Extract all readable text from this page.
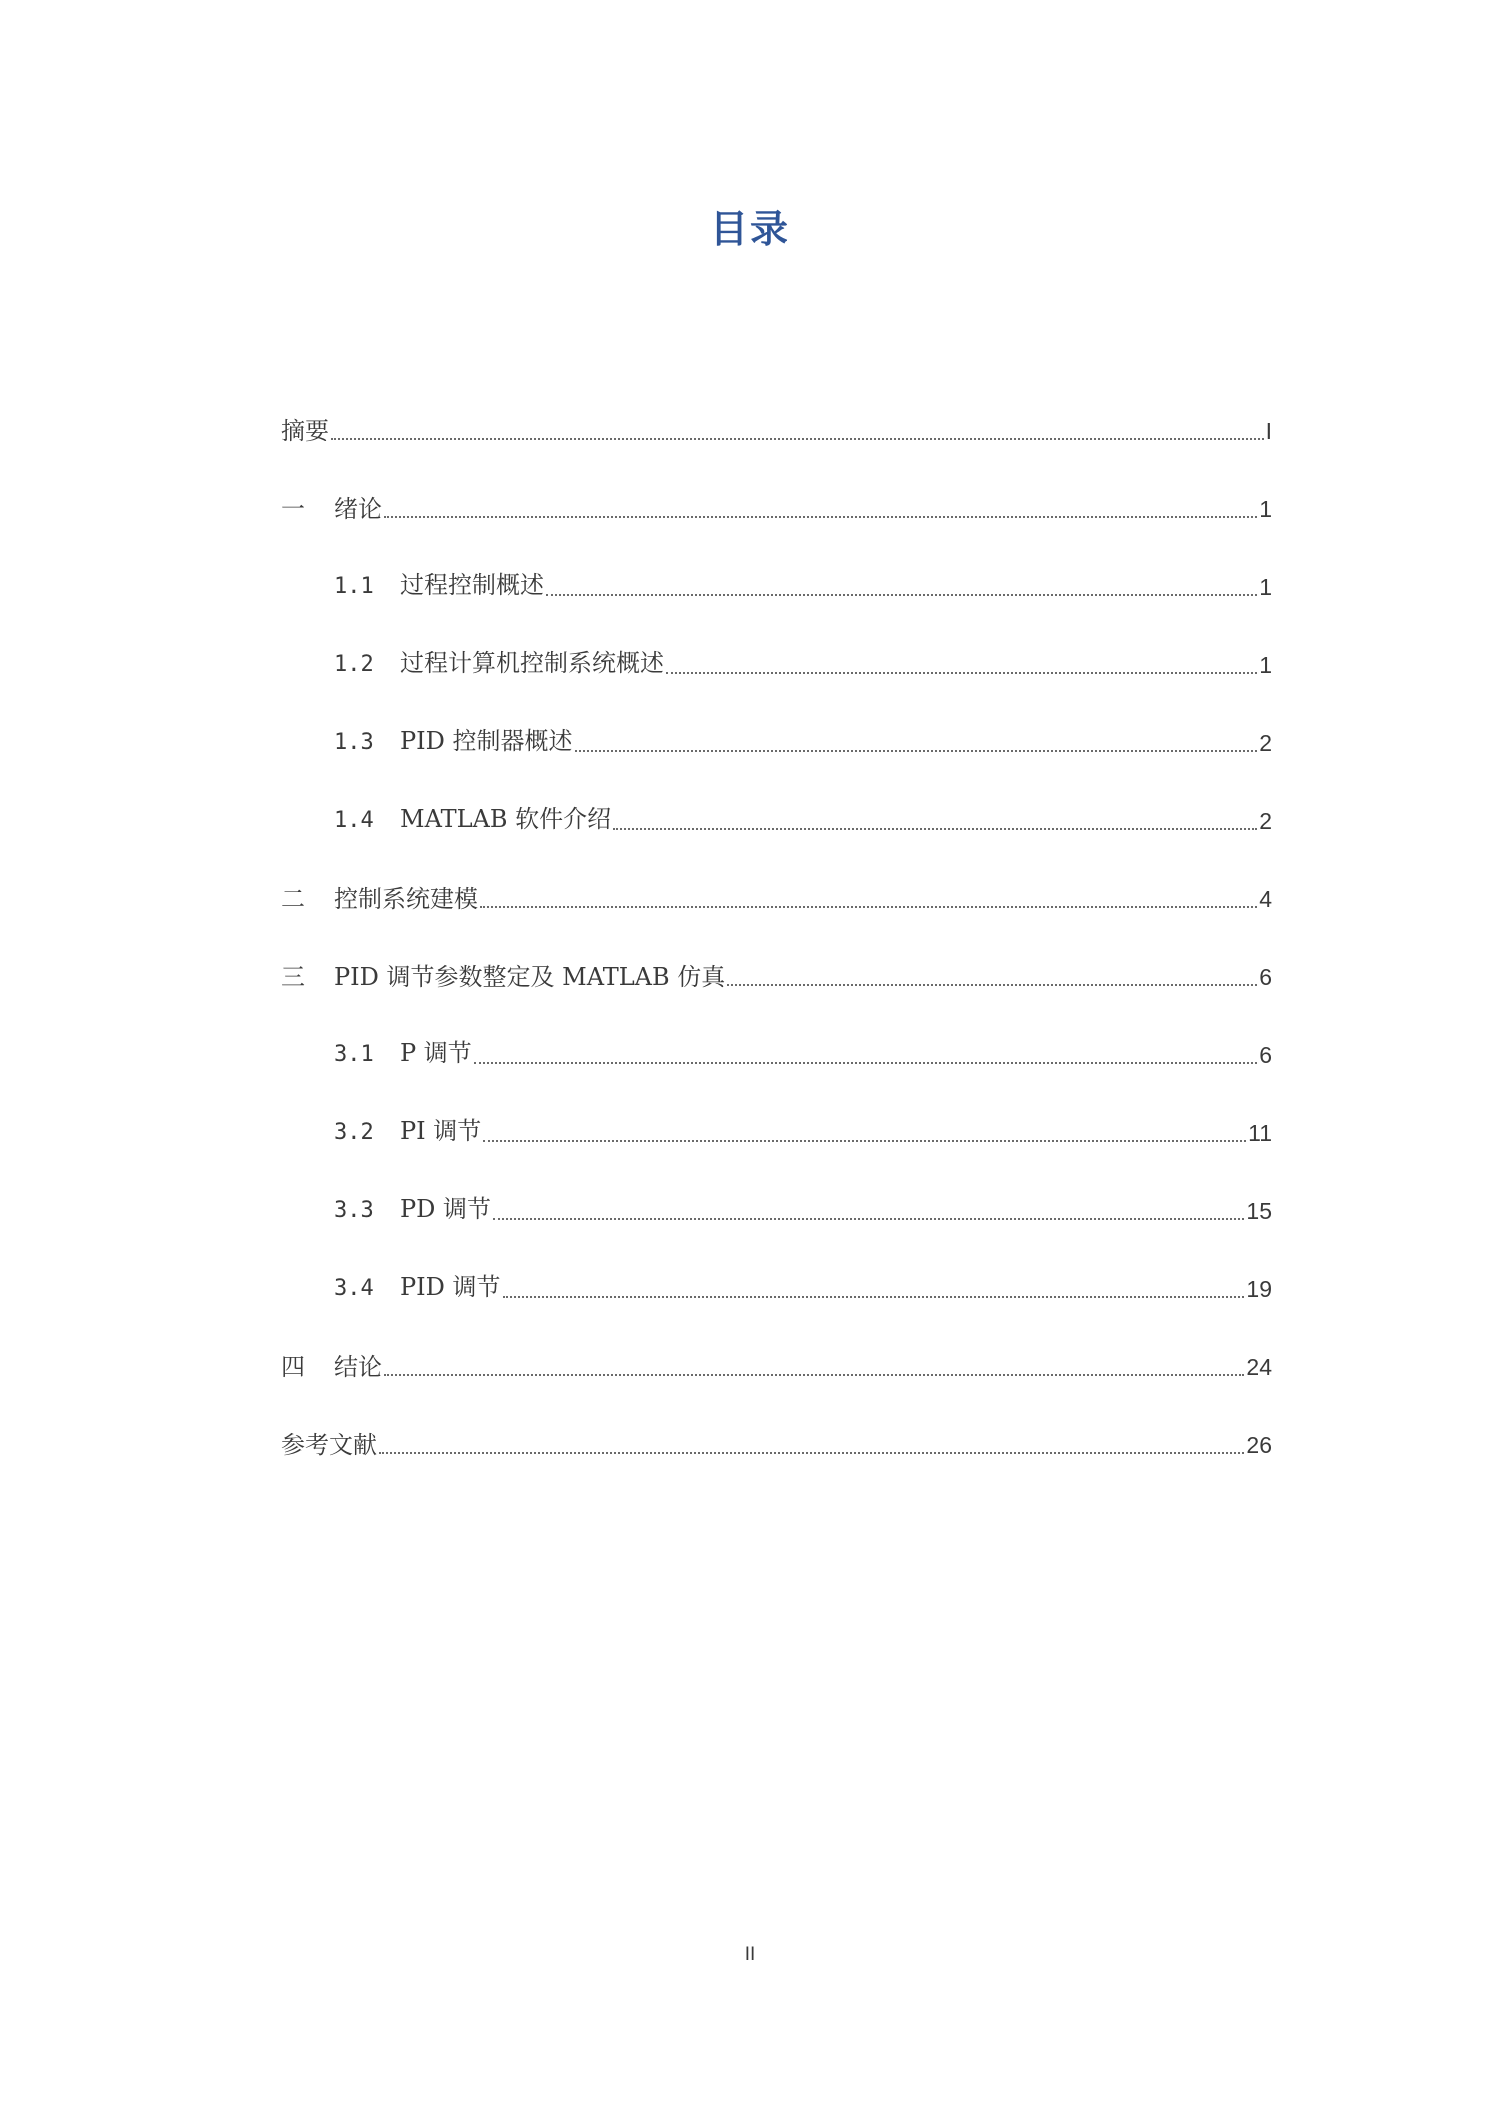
目录
摘要	I
一	绪论	1
1.1	过程控制概述	1
1.2	过程计算机控制系统概述	1
1.3	PID 控制器概述	2
1.4	MATLAB 软件介绍	2
二	控制系统建模	4
三	PID 调节参数整定及 MATLAB 仿真	6
3.1	P 调节	6
3.2	PI 调节	11
3.3	PD 调节	15
3.4	PID 调节	19
四	结论	24
参考文献	26
II
